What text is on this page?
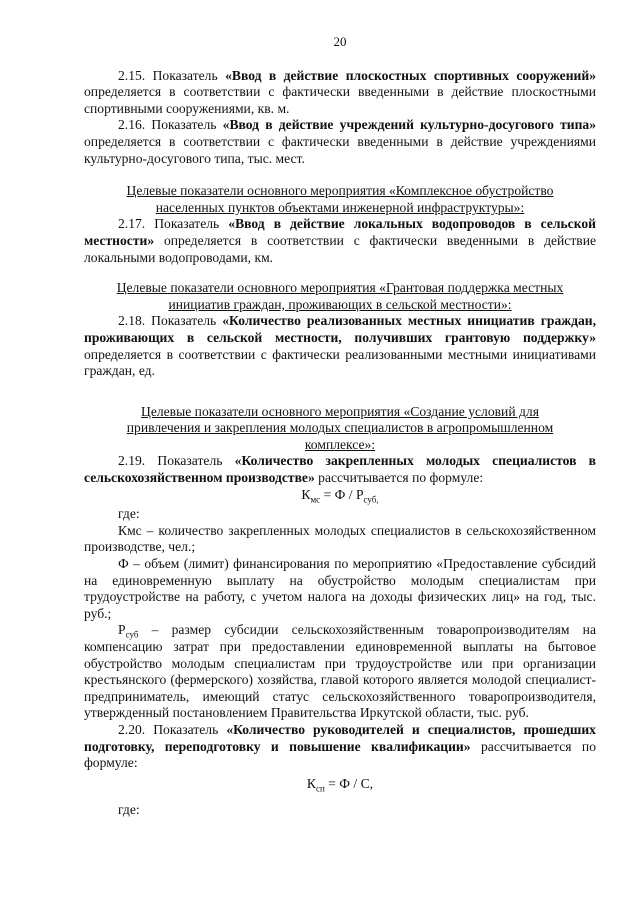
20

2.15. Показатель «Ввод в действие плоскостных спортивных сооружений» определяется в соответствии с фактически введенными в действие плоскостными спортивными сооружениями, кв. м.

2.16. Показатель «Ввод в действие учреждений культурно-досугового типа» определяется в соответствии с фактически введенными в действие учреждениями культурно-досугового типа, тыс. мест.

Целевые показатели основного мероприятия «Комплексное обустройство населенных пунктов объектами инженерной инфраструктуры»:

2.17. Показатель «Ввод в действие локальных водопроводов в сельской местности» определяется в соответствии с фактически введенными в действие локальными водопроводами, км.

Целевые показатели основного мероприятия «Грантовая поддержка местных инициатив граждан, проживающих в сельской местности»:

2.18. Показатель «Количество реализованных местных инициатив граждан, проживающих в сельской местности, получивших грантовую поддержку» определяется в соответствии с фактически реализованными местными инициативами граждан, ед.

Целевые показатели основного мероприятия «Создание условий для привлечения и закрепления молодых специалистов в агропромышленном комплексе»:

2.19. Показатель «Количество закрепленных молодых специалистов в сельскохозяйственном производстве» рассчитывается по формуле:

$К_{мс} = Ф / Р_{суб,}$

где:

Кмс – количество закрепленных молодых специалистов в сельскохозяйственном производстве, чел.;

Ф – объем (лимит) финансирования по мероприятию «Предоставление субсидий на единовременную выплату на обустройство молодым специалистам при трудоустройстве на работу, с учетом налога на доходы физических лиц» на год, тыс. руб.;

$Р_{суб}$ – размер субсидии сельскохозяйственным товаропроизводителям на компенсацию затрат при предоставлении единовременной выплаты на бытовое обустройство молодым специалистам при трудоустройстве или при организации крестьянского (фермерского) хозяйства, главой которого является молодой специалист-предприниматель, имеющий статус сельскохозяйственного товаропроизводителя, утвержденный постановлением Правительства Иркутской области, тыс. руб.

2.20. Показатель «Количество руководителей и специалистов, прошедших подготовку, переподготовку и повышение квалификации» рассчитывается по формуле:

$К_{сп} = Ф / С$,

где:
